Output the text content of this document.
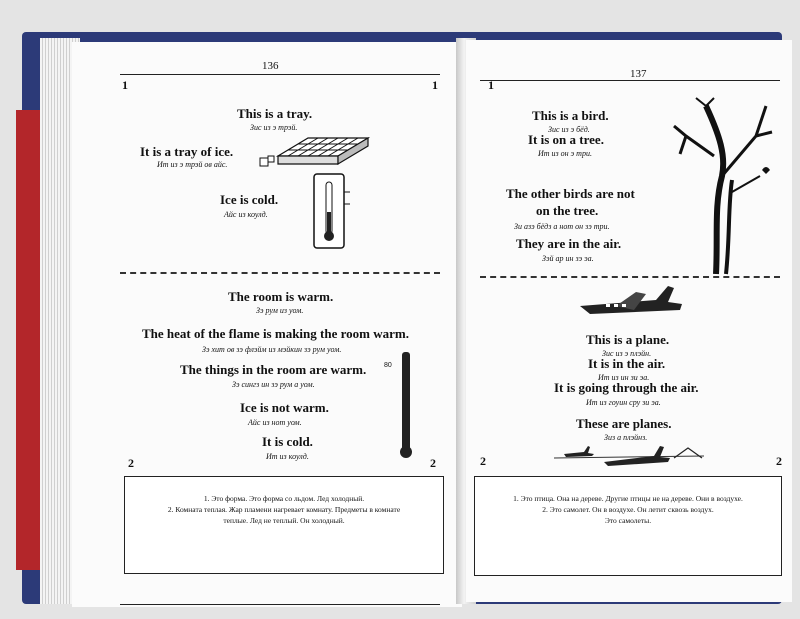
136
1	1
This is a tray.
Зис из э трэй.
It is a tray of ice.
Ит из э трэй ов айс.
Ice is cold.
Айс из коулд.
The room is warm.
Зэ рум из уом.
The heat of the flame is making the room warm.
Зэ хит ов зэ флэйм из мэйкин зэ рум уом.
The things in the room are warm.
Зэ сингз ин зэ рум а уом.
Ice is not warm.
Айс из нот уом.
It is cold.
Ит из коулд.
80
2	2
1. Это форма. Это форма со льдом. Лед холодный.
2. Комната теплая. Жар пламени нагревает комнату. Предметы в комнате
теплые. Лед не теплый. Он холодный.
137
1
This is a bird.
Зис из э бёд.
It is on a tree.
Ит из он э три.
The other birds are not
on the tree.
Зи азэ бёдз а нот он зэ три.
They are in the air.
Зэй ар ин зэ эа.
This is a plane.
Зис из э плэйн.
It is in the air.
Ит из ин зи эа.
It is going through the air.
Ит из гоуин сру зи эа.
These are planes.
Зиз а плэйнз.
2	2
1. Это птица. Она на дереве. Другие птицы не на дереве. Они в воздухе.
2. Это самолет. Он в воздухе. Он летит сквозь воздух.
Это самолеты.
